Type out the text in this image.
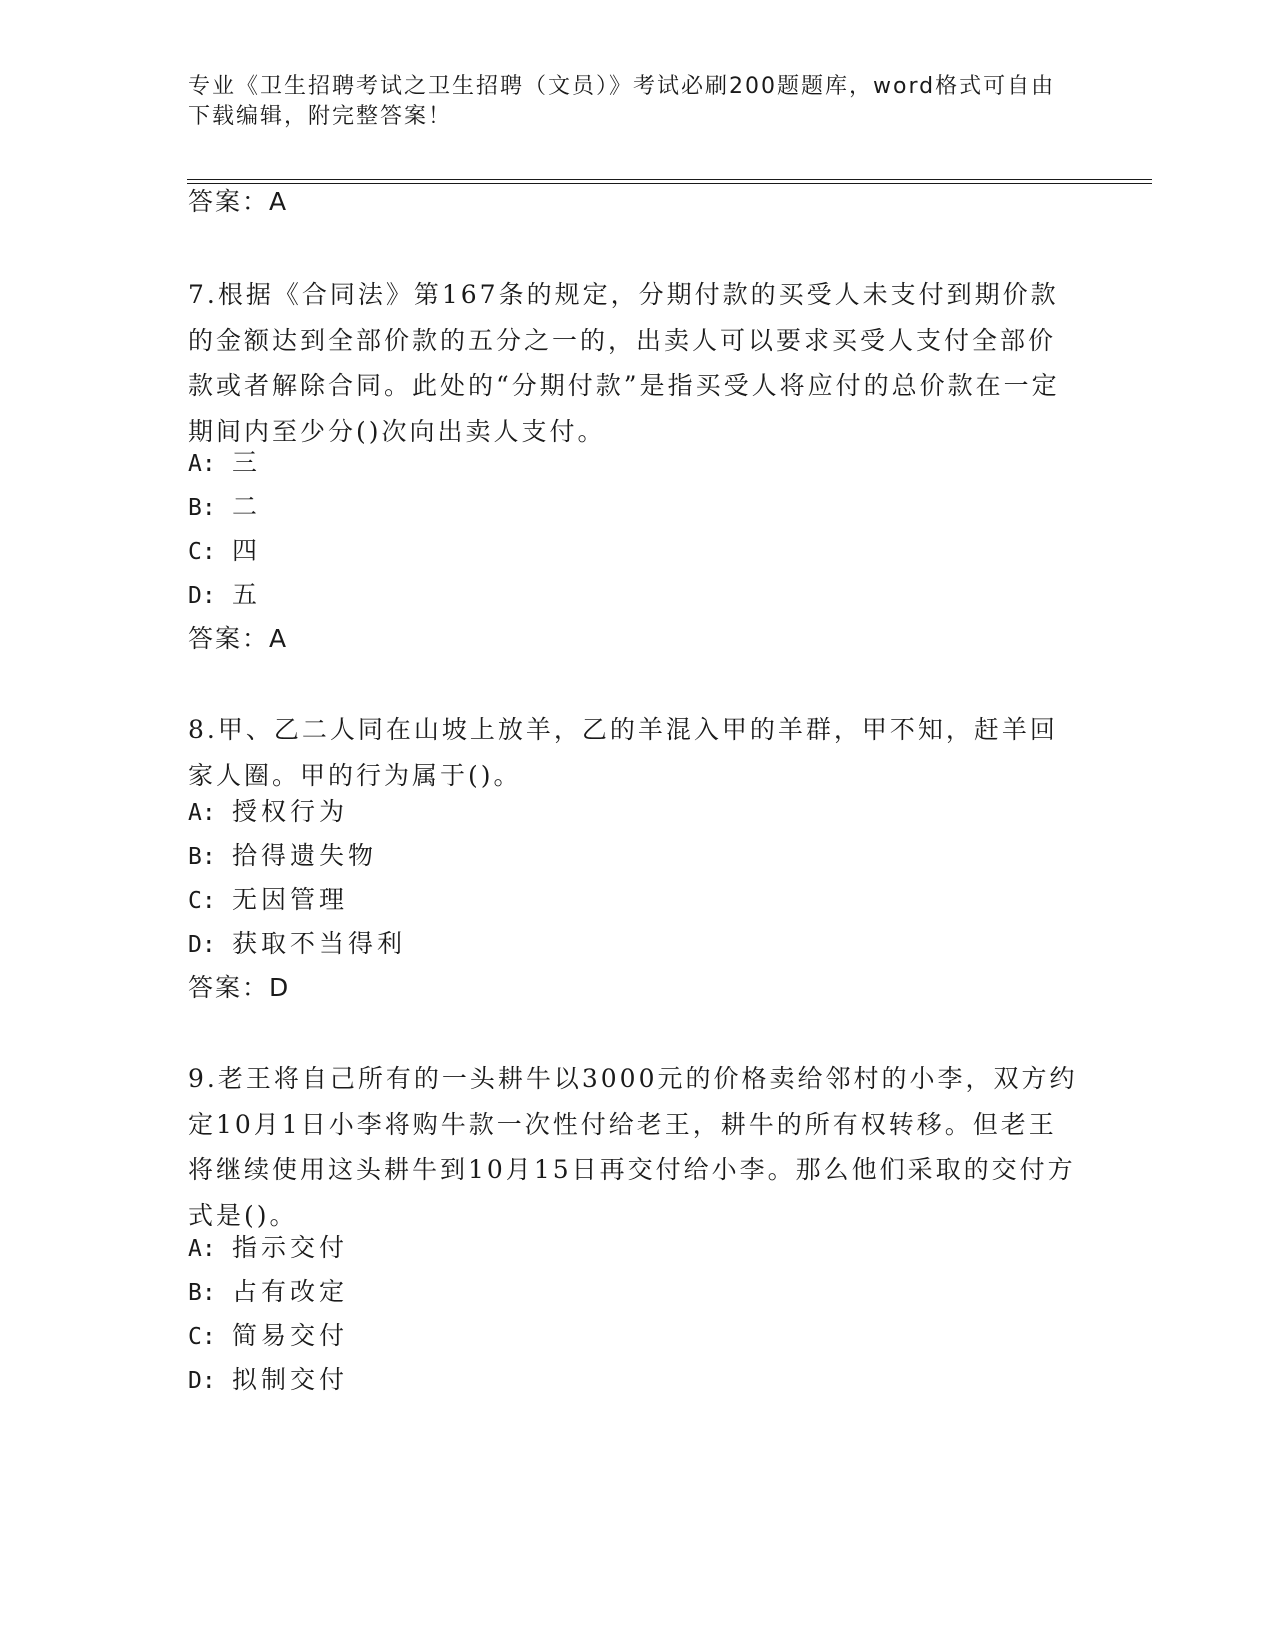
专业《卫生招聘考试之卫生招聘（文员）》考试必刷200题题库，word格式可自由下载编辑，附完整答案！
答案：A
7.根据《合同法》第167条的规定，分期付款的买受人未支付到期价款的金额达到全部价款的五分之一的，出卖人可以要求买受人支付全部价款或者解除合同。此处的“分期付款”是指买受人将应付的总价款在一定期间内至少分()次向出卖人支付。
A: 三
B: 二
C: 四
D: 五
答案：A
8.甲、乙二人同在山坡上放羊，乙的羊混入甲的羊群，甲不知，赶羊回家人圈。甲的行为属于()。
A: 授权行为
B: 拾得遗失物
C: 无因管理
D: 获取不当得利
答案：D
9.老王将自己所有的一头耕牛以3000元的价格卖给邻村的小李，双方约定10月1日小李将购牛款一次性付给老王，耕牛的所有权转移。但老王将继续使用这头耕牛到10月15日再交付给小李。那么他们采取的交付方式是()。
A: 指示交付
B: 占有改定
C: 简易交付
D: 拟制交付
